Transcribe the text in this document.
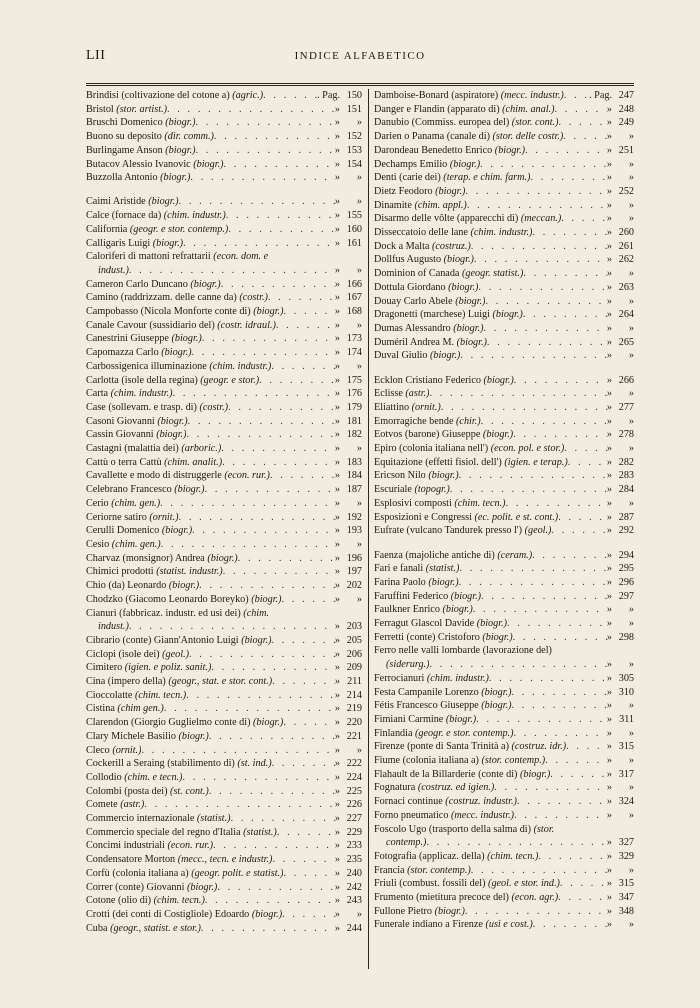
LII	INDICE ALFABETICO
Brindisi (coltivazione del cotone a) (agric.) . . .	. Pag. 150
Bristol (stor. artist.) . . .	» 151
Bruschi Domenico (biogr.) . . .	»	»
Buono su deposito (dir. comm.) . . .	» 152
Burlingame Anson (biogr.) . . .	» 153
Butacov Alessio Ivanovic (biogr.) . . .	» 154
Buzzolla Antonio (biogr.) . . .	»	»
Caimi Aristide (biogr.) . . .	»	»
Calce (fornace da) (chim. industr.) . . .	» 155
California (geogr. e stor. contemp.) . . .	» 160
Calligaris Luigi (biogr.) . . .	» 161
Caloriferi di mattoni refrattarii (econ. dom. e
indust.) . . .	»	»
Cameron Carlo Duncano (biogr.) . . .	» 166
Camino (raddrizzam. delle canne da) (costr.) . . .	» 167
Campobasso (Nicola Monforte conte di) (biogr.) . . .	» 168
Canale Cavour (sussidiario del) (costr. idraul.) . . .	»	»
Canestrini Giuseppe (biogr.) . . .	» 173
Capomazza Carlo (biogr.) . . .	» 174
Carbossigenica illuminazione (chim. industr.) . . .	»	»
Carlotta (isole della regina) (geogr. e stor.) . . .	» 175
Carta (chim. industr.) . . .	» 176
Case (sollevam. e trasp. di) (costr.) . . .	» 179
Casoni Giovanni (biogr.) . . .	» 181
Cassin Giovanni (biogr.) . . .	» 182
Castagni (malattia dei) (arboric.) . . .	»	»
Cattù o terra Cattù (chim. analit.) . . .	» 183
Cavallette e modo di distruggerle (econ. rur.) . . .	» 184
Celebrano Francesco (biogr.) . . .	» 187
Cerio (chim. gen.) . . .	»	»
Ceriorne satiro (ornit.) . . .	» 192
Cerulli Domenico (biogr.) . . .	» 193
Cesio (chim. gen.) . . .	»	»
Charvaz (monsignor) Andrea (biogr.) . . .	» 196
Chimici prodotti (statist. industr.) . . .	» 197
Chio (da) Leonardo (biogr.) . . .	» 202
Chodzko (Giacomo Leonardo Boreyko) (biogr.) . . .	»	»
Cianuri (fabbricaz. industr. ed usi dei) (chim.
indust.) . . .	» 203
Cibrario (conte) Giann'Antonio Luigi (biogr.) . . .	» 205
Ciclopi (isole dei) (geol.) . . .	» 206
Cimitero (igien. e poliz. sanit.) . . .	» 209
Cina (impero della) (geogr., stat. e stor. cont.) . . .	» 211
Cioccolatte (chim. tecn.) . . .	» 214
Cistina (chim gen.) . . .	» 219
Clarendon (Giorgio Guglielmo conte di) (biogr.) . . .	» 220
Clary Michele Basilio (biogr.) . . .	» 221
Cleco (ornit.) . . .	»	»
Cockerill a Seraing (stabilimento di) (st. ind.) . . .	» 222
Collodio (chim. e tecn.) . . .	» 224
Colombi (posta dei) (st. cont.) . . .	» 225
Comete (astr.) . . .	» 226
Commercio internazionale (statist.) . . .	» 227
Commercio speciale del regno d'Italia (statist.) . . .	» 229
Concimi industriali (econ. rur.) . . .	» 233
Condensatore Morton (mecc., tecn. e industr.) . . .	» 235
Corfù (colonia italiana a) (geogr. polit. e statist.) . . .	» 240
Correr (conte) Giovanni (biogr.) . . .	» 242
Cotone (olio di) (chim. tecn.) . . .	» 243
Crotti (dei conti di Costigliole) Edoardo (biogr.) . . .	»	»
Cuba (geogr., statist. e stor.) . . .	» 244
Damboise-Bonard (aspiratore) (mecc. industr.) . . . . Pag. 247
Danger e Flandin (apparato di) (chim. anal.) . . .	» 248
Danubio (Commiss. europea del) (stor. cont.) . . .	» 249
Darien o Panama (canale di) (stor. delle costr.) . . .	»	»
Darondeau Benedetto Enrico (biogr.) . . .	» 251
Dechamps Emilio (biogr.) . . .	»	»
Denti (carie dei) (terap. e chim. farm.) . . .	»	»
Dietz Feodoro (biogr.) . . .	» 252
Dinamite (chim. appl.) . . .	»	»
Disarmo delle vôlte (apparecchi di) (meccan.) . . .	»	»
Disseccatoio delle lane (chim. industr.) . . .	» 260
Dock a Malta (costruz.) . . .	» 261
Dollfus Augusto (biogr.) . . .	» 262
Dominion of Canada (geogr. statist.) . . .	»	»
Dottula Giordano (biogr.) . . .	» 263
Douay Carlo Abele (biogr.) . . .	»	»
Dragonetti (marchese) Luigi (biogr.) . . .	» 264
Dumas Alessandro (biogr.) . . .	»	»
Duméril Andrea M. (biogr.) . . .	» 265
Duval Giulio (biogr.) . . .	»	»
Ecklon Cristiano Federico (biogr.) . . .	» 266
Eclisse (astr.) . . .	»	»
Eliattino (ornit.) . . .	» 277
Emorragiche bende (chir.) . . .	»	»
Eotvos (barone) Giuseppe (biogr.) . . .	» 278
Epiro (colonia italiana nell') (econ. pol. e stor.) . . .	»	»
Equitazione (effetti fisiol. dell') (igien. e terap.) . . .	» 282
Ericson Nilo (biogr.) . . .	» 283
Escuriale (topogr.) . . .	» 284
Esplosivi composti (chim. tecn.) . . .	»	»
Esposizioni e Congressi (ec. polit. e st. cont.) . . .	» 287
Eufrate (vulcano Tandurek presso l') (geol.) . . .	» 292
Faenza (majoliche antiche di) (ceram.) . . .	» 294
Fari e fanali (statist.) . . .	» 295
Farina Paolo (biogr.) . . .	» 296
Faruffini Federico (biogr.) . . .	» 297
Faulkner Enrico (biogr.) . . .	»	»
Ferragut Glascol Davide (biogr.) . . .	»	»
Ferretti (conte) Cristoforo (biogr.) . . .	» 298
Ferro nelle valli lombarde (lavorazione del)
(siderurg.) . . .	»	»
Ferrocianuri (chim. industr.) . . .	» 305
Festa Campanile Lorenzo (biogr.) . . .	» 310
Fétis Francesco Giuseppe (biogr.) . . .	»	»
Fimiani Carmine (biogr.) . . .	» 311
Finlandia (geogr. e stor. contemp.) . . .	»	»
Firenze (ponte di Santa Trinità a) (costruz. idr.) . . .	» 315
Fiume (colonia italiana a) (stor. contemp.) . . .	»	»
Flahault de la Billarderie (conte di) (biogr.) . . .	» 317
Fognatura (costruz. ed igien.) . . .	»	»
Fornaci continue (costruz. industr.) . . .	» 324
Forno pneumatico (mecc. industr.) . . .	»	»
Foscolo Ugo (trasporto della salma di) (stor.
contemp.) . . .	» 327
Fotografia (applicaz. della) (chim. tecn.) . . .	» 329
Francia (stor. contemp.) . . .	»	»
Friuli (combust. fossili del) (geol. e stor. ind.) . . .	» 315
Frumento (mietitura precoce del) (econ. agr.) . . .	» 347
Fullone Pietro (biogr.) . . .	» 348
Funerale indiano a Firenze (usi e cost.) . . .	»	»
